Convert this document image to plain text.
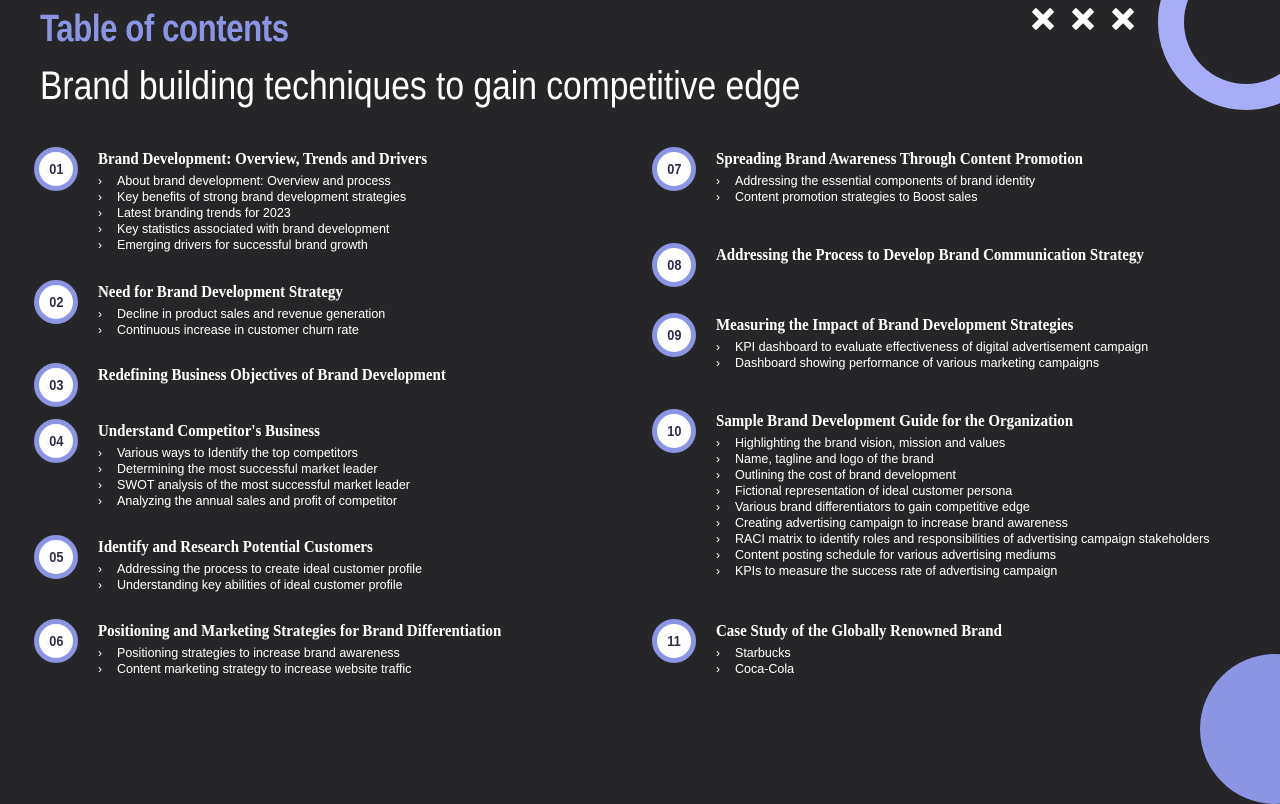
Table of contents
Brand building techniques to gain competitive edge
01
Brand Development: Overview, Trends and Drivers
› About brand development: Overview and process
› Key benefits of strong brand development strategies
› Latest branding trends for 2023
› Key statistics associated with brand development
› Emerging drivers for successful brand growth
02
Need for Brand Development Strategy
› Decline in product sales and revenue generation
› Continuous increase in customer churn rate
03
Redefining Business Objectives of Brand Development
04
Understand Competitor's Business
› Various ways to Identify the top competitors
› Determining the most successful market leader
› SWOT analysis of the most successful market leader
› Analyzing the annual sales and profit of competitor
05
Identify and Research Potential Customers
› Addressing the process to create ideal customer profile
› Understanding key abilities of ideal customer profile
06
Positioning and Marketing Strategies for Brand Differentiation
› Positioning strategies to increase brand awareness
› Content marketing strategy to increase website traffic
07
Spreading Brand Awareness Through Content Promotion
› Addressing the essential components of brand identity
› Content promotion strategies to Boost sales
08
Addressing the Process to Develop Brand Communication Strategy
09
Measuring the Impact of Brand Development Strategies
› KPI dashboard to evaluate effectiveness of digital advertisement campaign
› Dashboard showing performance of various marketing campaigns
10
Sample Brand Development Guide for the Organization
› Highlighting the brand vision, mission and values
› Name, tagline and logo of the brand
› Outlining the cost of brand development
› Fictional representation of ideal customer persona
› Various brand differentiators to gain competitive edge
› Creating advertising campaign to increase brand awareness
› RACI matrix to identify roles and responsibilities of advertising campaign stakeholders
› Content posting schedule for various advertising mediums
› KPIs to measure the success rate of advertising campaign
11
Case Study of the Globally Renowned Brand
› Starbucks
› Coca-Cola
